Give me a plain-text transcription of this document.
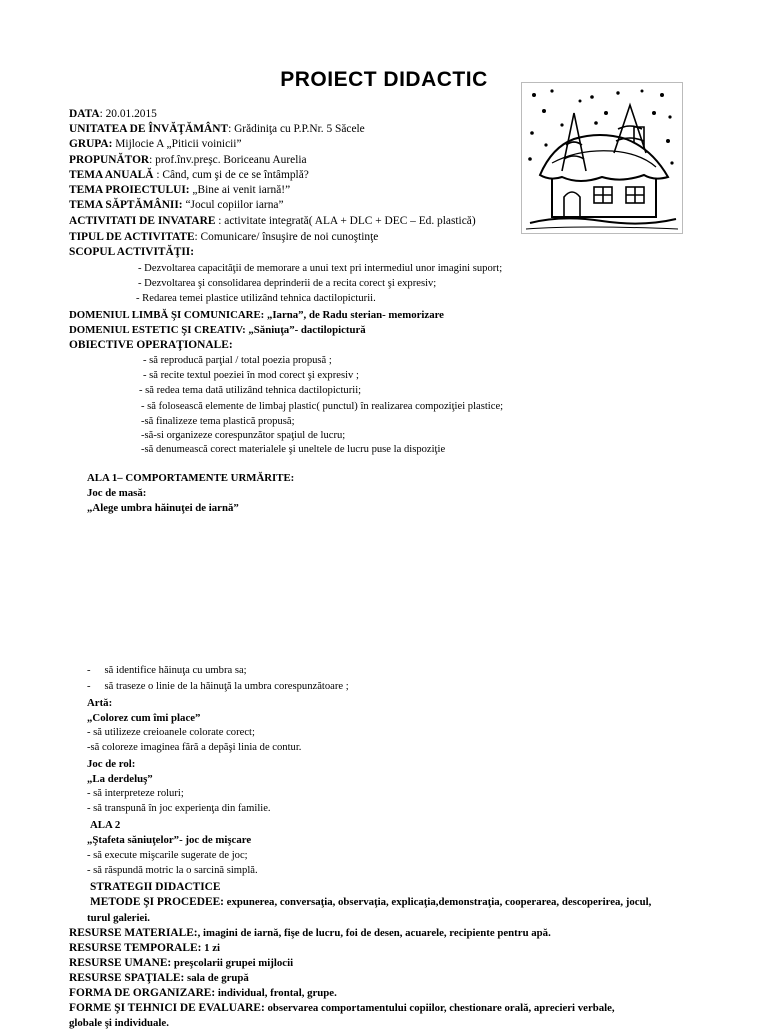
PROIECT DIDACTIC
DATA: 20.01.2015
UNITATEA DE ÎNVĂŢĂMÂNT: Grădiniţa cu P.P.Nr. 5 Săcele
GRUPA: Mijlocie A „Piticii voinicii”
PROPUNĂTOR: prof.înv.preşc. Boriceanu Aurelia
TEMA ANUALĂ : Când, cum şi de ce se întâmplă?
TEMA PROIECTULUI: „Bine ai venit iarnă!”
TEMA SĂPTĂMÂNII: “Jocul copiilor iarna”
ACTIVITATI DE INVATARE : activitate integrată( ALA + DLC + DEC – Ed. plastică)
TIPUL DE ACTIVITATE: Comunicare/ însuşire de noi cunoştinţe
SCOPUL ACTIVITĂŢII:
- Dezvoltarea capacităţii de memorare a unui text pri intermediul unor imagini suport;
- Dezvoltarea şi consolidarea deprinderii de a recita corect şi expresiv;
- Redarea temei plastice utilizând tehnica dactilopicturii.
DOMENIUL LIMBĂ ŞI COMUNICARE: „Iarna”, de Radu sterian- memorizare
DOMENIUL ESTETIC ŞI CREATIV: „Săniuţa”- dactilopictură
OBIECTIVE OPERAŢIONALE:
- să reproducă parţial / total poezia propusă ;
- să recite textul poeziei în mod corect şi expresiv ;
- să redea tema dată utilizând tehnica dactilopicturii;
- să folosească elemente de limbaj plastic( punctul) în realizarea compoziţiei plastice;
-să finalizeze tema plastică propusă;
-să-si organizeze corespunzător spaţiul de lucru;
-să denumească corect materialele şi uneltele de lucru puse la dispoziţie
ALA 1– COMPORTAMENTE URMĂRITE:
Joc de masă:
„Alege umbra hăinuţei de iarnă”
- să identifice hăinuţa cu umbra sa;
- să traseze o linie de la hăinuţă la umbra corespunzătoare ;
Artă:
„Colorez cum îmi place”
- să utilizeze creioanele colorate corect;
-să coloreze imaginea fără a depăşi linia de contur.
Joc de rol:
„La derdeluş”
- să interpreteze roluri;
- să transpună în joc experienţa din familie.
ALA 2
„Ştafeta săniuţelor”- joc de mişcare
- să execute mişcarile sugerate de joc;
- să răspundă motric la o sarcină simplă.
STRATEGII DIDACTICE
METODE ŞI PROCEDEE: expunerea, conversaţia, observaţia, explicaţia,demonstraţia, cooperarea, descoperirea, jocul,
turul galeriei.
RESURSE MATERIALE:, imagini de iarnă, fişe de lucru, foi de desen, acuarele, recipiente pentru apă.
RESURSE TEMPORALE: 1 zi
RESURSE UMANE: preşcolarii grupei mijlocii
RESURSE SPAŢIALE: sala de grupă
FORMA DE ORGANIZARE: individual, frontal, grupe.
FORME ŞI TEHNICI DE EVALUARE: observarea comportamentului copiilor, chestionare orală, aprecieri verbale,
globale şi individuale.
